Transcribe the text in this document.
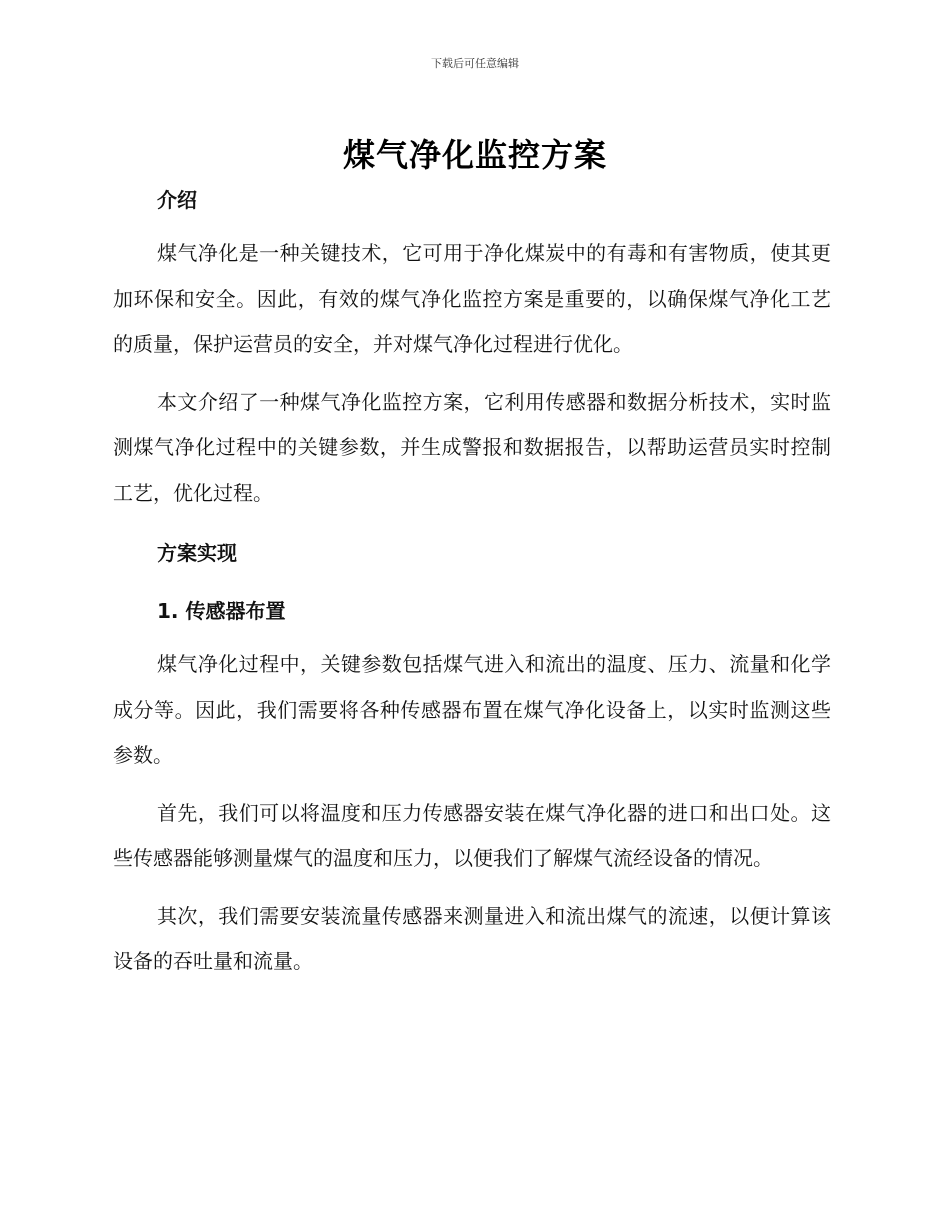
下载后可任意编辑
煤气净化监控方案
介绍

煤气净化是一种关键技术，它可用于净化煤炭中的有毒和有害物质，使其更加环保和安全。因此，有效的煤气净化监控方案是重要的，以确保煤气净化工艺的质量，保护运营员的安全，并对煤气净化过程进行优化。

本文介绍了一种煤气净化监控方案，它利用传感器和数据分析技术，实时监测煤气净化过程中的关键参数，并生成警报和数据报告，以帮助运营员实时控制工艺，优化过程。

方案实现
1. 传感器布置

煤气净化过程中，关键参数包括煤气进入和流出的温度、压力、流量和化学成分等。因此，我们需要将各种传感器布置在煤气净化设备上，以实时监测这些参数。

首先，我们可以将温度和压力传感器安装在煤气净化器的进口和出口处。这些传感器能够测量煤气的温度和压力，以便我们了解煤气流经设备的情况。

其次，我们需要安装流量传感器来测量进入和流出煤气的流速，以便计算该设备的吞吐量和流量。
